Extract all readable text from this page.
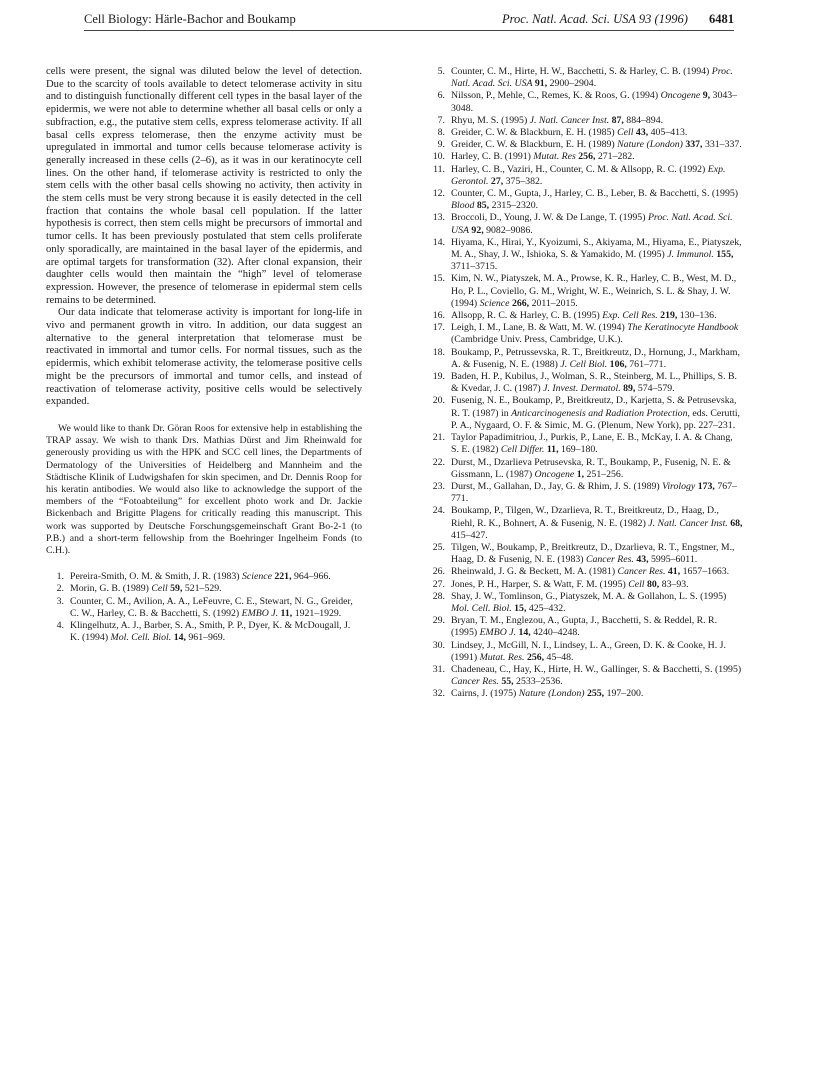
Cell Biology: Härle-Bachor and Boukamp	Proc. Natl. Acad. Sci. USA 93 (1996) 6481

cells were present, the signal was diluted below the level of detection. Due to the scarcity of tools available to detect telomerase activity in situ and to distinguish functionally different cell types in the basal layer of the epidermis, we were not able to determine whether all basal cells or only a subfraction, e.g., the putative stem cells, express telomerase activity. If all basal cells express telomerase, then the enzyme activity must be upregulated in immortal and tumor cells because telomerase activity is generally increased in these cells (2–6), as it was in our keratinocyte cell lines. On the other hand, if telomerase activity is restricted to only the stem cells with the other basal cells showing no activity, then activity in the stem cells must be very strong because it is easily detected in the cell fraction that contains the whole basal cell population. If the latter hypothesis is correct, then stem cells might be precursors of immortal and tumor cells. It has been previously postulated that stem cells proliferate only sporadically, are maintained in the basal layer of the epidermis, and are optimal targets for transformation (32). After clonal expansion, their daughter cells would then maintain the “high” level of telomerase expression. However, the presence of telomerase in epidermal stem cells remains to be determined.

Our data indicate that telomerase activity is important for long-life in vivo and permanent growth in vitro. In addition, our data suggest an alternative to the general interpretation that telomerase must be reactivated in immortal and tumor cells. For normal tissues, such as the epidermis, which exhibit telomerase activity, the telomerase positive cells might be the precursors of immortal and tumor cells, and instead of reactivation of telomerase activity, positive cells would be selectively expanded.

We would like to thank Dr. Göran Roos for extensive help in establishing the TRAP assay. We wish to thank Drs. Mathias Dürst and Jim Rheinwald for generously providing us with the HPK and SCC cell lines, the Departments of Dermatology of the Universities of Heidelberg and Mannheim and the Städtische Klinik of Ludwigshafen for skin specimen, and Dr. Dennis Roop for his keratin antibodies. We would also like to acknowledge the support of the members of the “Fotoabteilung” for excellent photo work and Dr. Jackie Bickenbach and Brigitte Plagens for critically reading this manuscript. This work was supported by Deutsche Forschungsgemeinschaft Grant Bo-2-1 (to P.B.) and a short-term fellowship from the Boehringer Ingelheim Fonds (to C.H.).

1. Pereira-Smith, O. M. & Smith, J. R. (1983) Science 221, 964–966.
2. Morin, G. B. (1989) Cell 59, 521–529.
3. Counter, C. M., Avilion, A. A., LeFeuvre, C. E., Stewart, N. G., Greider, C. W., Harley, C. B. & Bacchetti, S. (1992) EMBO J. 11, 1921–1929.
4. Klingelhutz, A. J., Barber, S. A., Smith, P. P., Dyer, K. & McDougall, J. K. (1994) Mol. Cell. Biol. 14, 961–969.
5. Counter, C. M., Hirte, H. W., Bacchetti, S. & Harley, C. B. (1994) Proc. Natl. Acad. Sci. USA 91, 2900–2904.
6. Nilsson, P., Mehle, C., Remes, K. & Roos, G. (1994) Oncogene 9, 3043–3048.
7. Rhyu, M. S. (1995) J. Natl. Cancer Inst. 87, 884–894.
8. Greider, C. W. & Blackburn, E. H. (1985) Cell 43, 405–413.
9. Greider, C. W. & Blackburn, E. H. (1989) Nature (London) 337, 331–337.
10. Harley, C. B. (1991) Mutat. Res 256, 271–282.
11. Harley, C. B., Vaziri, H., Counter, C. M. & Allsopp, R. C. (1992) Exp. Gerontol. 27, 375–382.
12. Counter, C. M., Gupta, J., Harley, C. B., Leber, B. & Bacchetti, S. (1995) Blood 85, 2315–2320.
13. Broccoli, D., Young, J. W. & De Lange, T. (1995) Proc. Natl. Acad. Sci. USA 92, 9082–9086.
14. Hiyama, K., Hirai, Y., Kyoizumi, S., Akiyama, M., Hiyama, E., Piatyszek, M. A., Shay, J. W., Ishioka, S. & Yamakido, M. (1995) J. Immunol. 155, 3711–3715.
15. Kim, N. W., Piatyszek, M. A., Prowse, K. R., Harley, C. B., West, M. D., Ho, P. L., Coviello, G. M., Wright, W. E., Weinrich, S. L. & Shay, J. W. (1994) Science 266, 2011–2015.
16. Allsopp, R. C. & Harley, C. B. (1995) Exp. Cell Res. 219, 130–136.
17. Leigh, I. M., Lane, B. & Watt, M. W. (1994) The Keratinocyte Handbook (Cambridge Univ. Press, Cambridge, U.K.).
18. Boukamp, P., Petrussevska, R. T., Breitkreutz, D., Hornung, J., Markham, A. & Fusenig, N. E. (1988) J. Cell Biol. 106, 761–771.
19. Baden, H. P., Kubilus, J., Wolman, S. R., Steinberg, M. L., Phillips, S. B. & Kvedar, J. C. (1987) J. Invest. Dermatol. 89, 574–579.
20. Fusenig, N. E., Boukamp, P., Breitkreutz, D., Karjetta, S. & Petrusevska, R. T. (1987) in Anticarcinogenesis and Radiation Protection, eds. Cerutti, P. A., Nygaard, O. F. & Simic, M. G. (Plenum, New York), pp. 227–231.
21. Taylor Papadimitriou, J., Purkis, P., Lane, E. B., McKay, I. A. & Chang, S. E. (1982) Cell Differ. 11, 169–180.
22. Durst, M., Dzarlieva Petrusevska, R. T., Boukamp, P., Fusenig, N. E. & Gissmann, L. (1987) Oncogene 1, 251–256.
23. Durst, M., Gallahan, D., Jay, G. & Rhim, J. S. (1989) Virology 173, 767–771.
24. Boukamp, P., Tilgen, W., Dzarlieva, R. T., Breitkreutz, D., Haag, D., Riehl, R. K., Bohnert, A. & Fusenig, N. E. (1982) J. Natl. Cancer Inst. 68, 415–427.
25. Tilgen, W., Boukamp, P., Breitkreutz, D., Dzarlieva, R. T., Engstner, M., Haag, D. & Fusenig, N. E. (1983) Cancer Res. 43, 5995–6011.
26. Rheinwald, J. G. & Beckett, M. A. (1981) Cancer Res. 41, 1657–1663.
27. Jones, P. H., Harper, S. & Watt, F. M. (1995) Cell 80, 83–93.
28. Shay, J. W., Tomlinson, G., Piatyszek, M. A. & Gollahon, L. S. (1995) Mol. Cell. Biol. 15, 425–432.
29. Bryan, T. M., Englezou, A., Gupta, J., Bacchetti, S. & Reddel, R. R. (1995) EMBO J. 14, 4240–4248.
30. Lindsey, J., McGill, N. I., Lindsey, L. A., Green, D. K. & Cooke, H. J. (1991) Mutat. Res. 256, 45–48.
31. Chadeneau, C., Hay, K., Hirte, H. W., Gallinger, S. & Bacchetti, S. (1995) Cancer Res. 55, 2533–2536.
32. Cairns, J. (1975) Nature (London) 255, 197–200.
